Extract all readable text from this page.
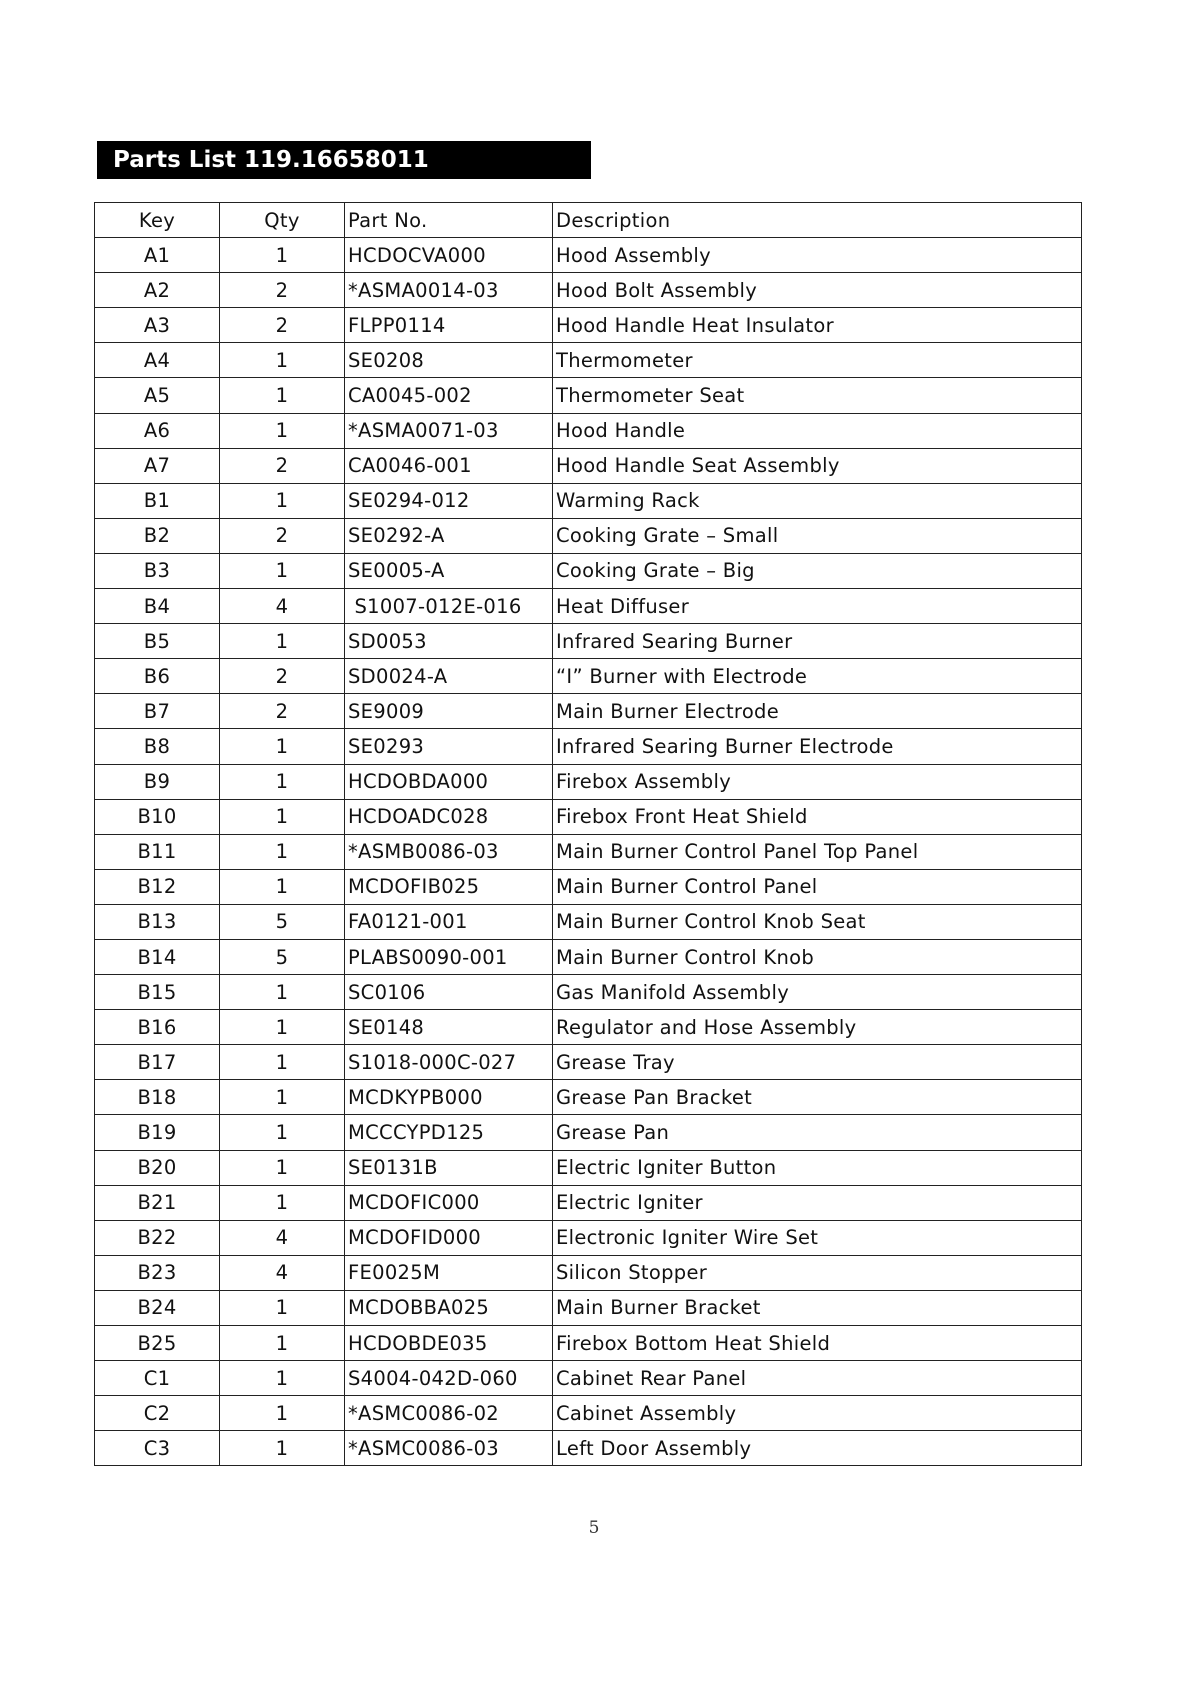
Parts List 119.16658011
Key	Qty	Part No.	Description
A1	1	HCDOCVA000	Hood Assembly
A2	2	*ASMA0014-03	Hood Bolt Assembly
A3	2	FLPP0114	Hood Handle Heat Insulator
A4	1	SE0208	Thermometer
A5	1	CA0045-002	Thermometer Seat
A6	1	*ASMA0071-03	Hood Handle
A7	2	CA0046-001	Hood Handle Seat Assembly
B1	1	SE0294-012	Warming Rack
B2	2	SE0292-A	Cooking Grate – Small
B3	1	SE0005-A	Cooking Grate – Big
B4	4	S1007-012E-016	Heat Diffuser
B5	1	SD0053	Infrared Searing Burner
B6	2	SD0024-A	“I” Burner with Electrode
B7	2	SE9009	Main Burner Electrode
B8	1	SE0293	Infrared Searing Burner Electrode
B9	1	HCDOBDA000	Firebox Assembly
B10	1	HCDOADC028	Firebox Front Heat Shield
B11	1	*ASMB0086-03	Main Burner Control Panel Top Panel
B12	1	MCDOFIB025	Main Burner Control Panel
B13	5	FA0121-001	Main Burner Control Knob Seat
B14	5	PLABS0090-001	Main Burner Control Knob
B15	1	SC0106	Gas Manifold Assembly
B16	1	SE0148	Regulator and Hose Assembly
B17	1	S1018-000C-027	Grease Tray
B18	1	MCDKYPB000	Grease Pan Bracket
B19	1	MCCCYPD125	Grease Pan
B20	1	SE0131B	Electric Igniter Button
B21	1	MCDOFIC000	Electric Igniter
B22	4	MCDOFID000	Electronic Igniter Wire Set
B23	4	FE0025M	Silicon Stopper
B24	1	MCDOBBA025	Main Burner Bracket
B25	1	HCDOBDE035	Firebox Bottom Heat Shield
C1	1	S4004-042D-060	Cabinet Rear Panel
C2	1	*ASMC0086-02	Cabinet Assembly
C3	1	*ASMC0086-03	Left Door Assembly
5
